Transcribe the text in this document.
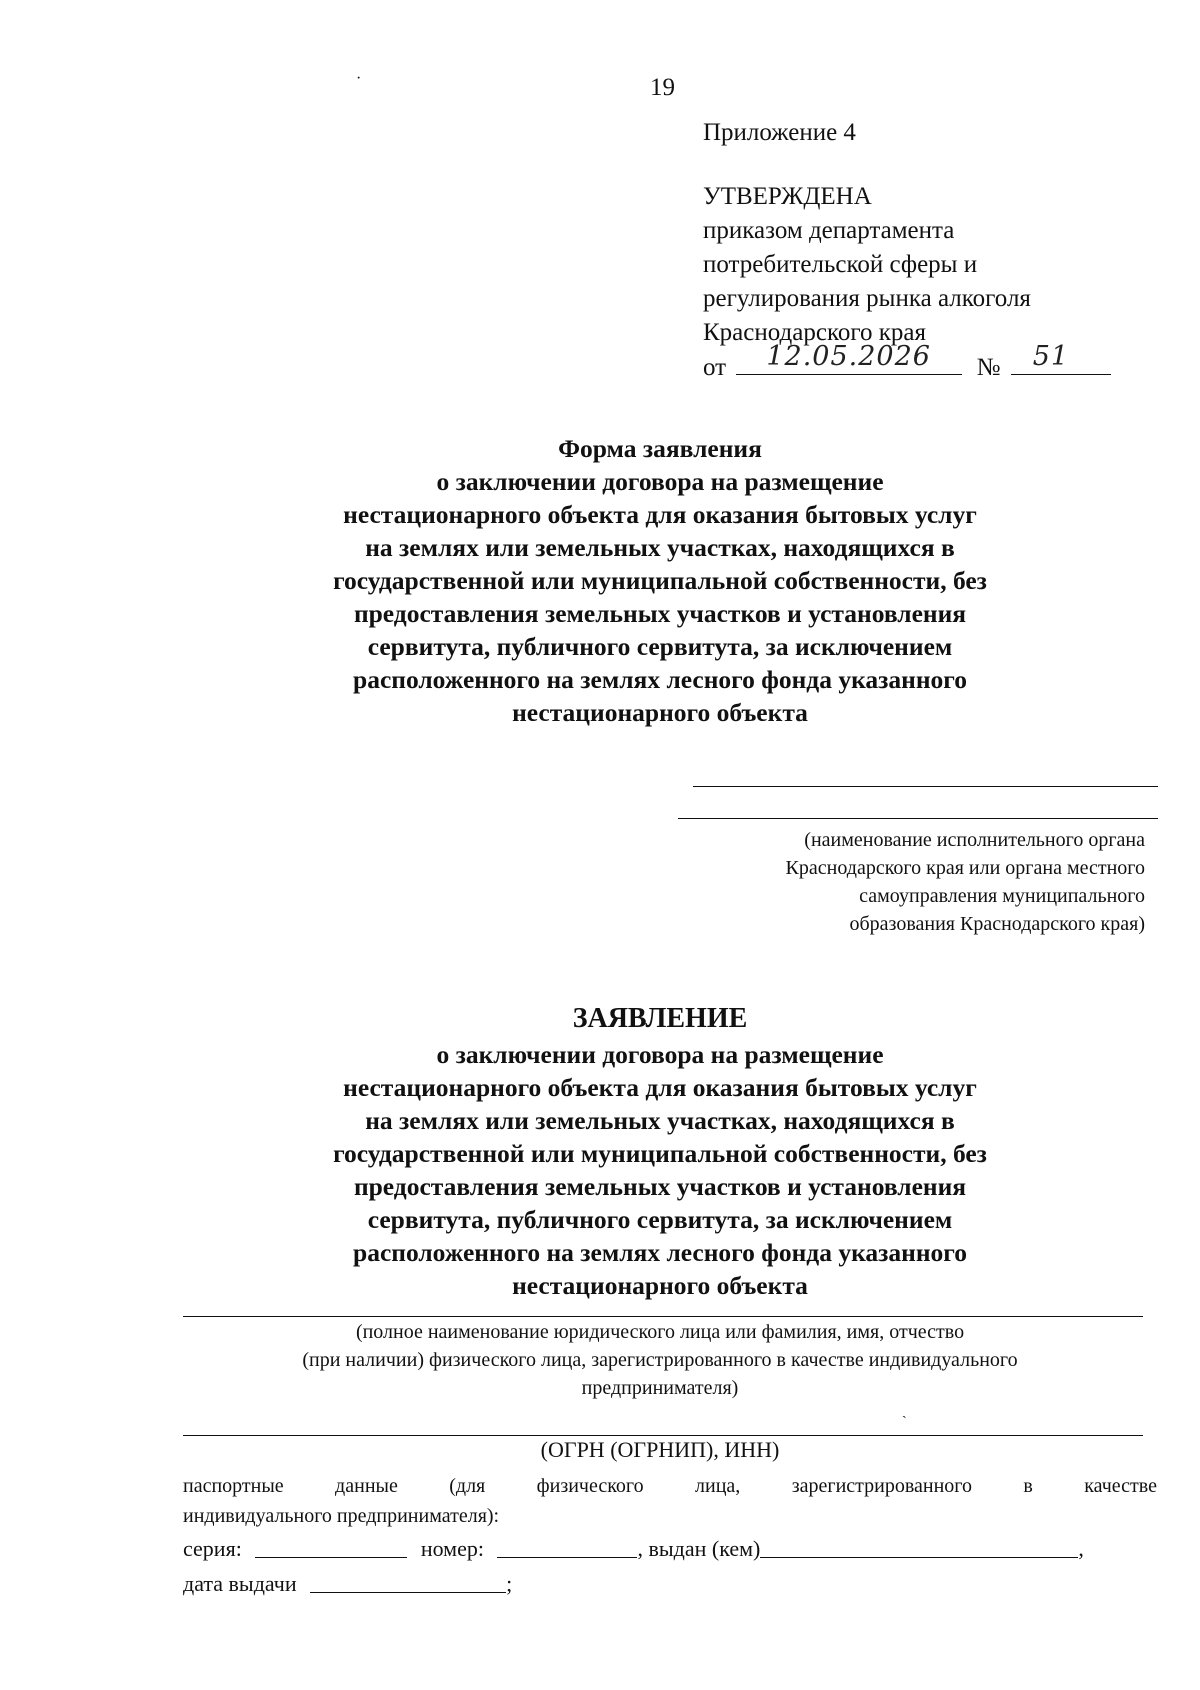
·	19
Приложение 4
УТВЕРЖДЕНА
приказом департамента
потребительской сферы и
регулирования рынка алкоголя
Краснодарского края
от 12.05.2026 № 51
Форма заявления
о заключении договора на размещение
нестационарного объекта для оказания бытовых услуг
на землях или земельных участках, находящихся в
государственной или муниципальной собственности, без
предоставления земельных участков и установления
сервитута, публичного сервитута, за исключением
расположенного на землях лесного фонда указанного
нестационарного объекта
(наименование исполнительного органа
Краснодарского края или органа местного
самоуправления муниципального
образования Краснодарского края)
ЗАЯВЛЕНИЕ
о заключении договора на размещение
нестационарного объекта для оказания бытовых услуг
на землях или земельных участках, находящихся в
государственной или муниципальной собственности, без
предоставления земельных участков и установления
сервитута, публичного сервитута, за исключением
расположенного на землях лесного фонда указанного
нестационарного объекта
(полное наименование юридического лица или фамилия, имя, отчество
(при наличии) физического лица, зарегистрированного в качестве индивидуального
предпринимателя)
ˎ
(ОГРН (ОГРНИП), ИНН)
паспортные данные (для физического лица, зарегистрированного в качестве
индивидуального предпринимателя):
серия:	номер:	, выдан (кем)	,
дата выдачи	;
